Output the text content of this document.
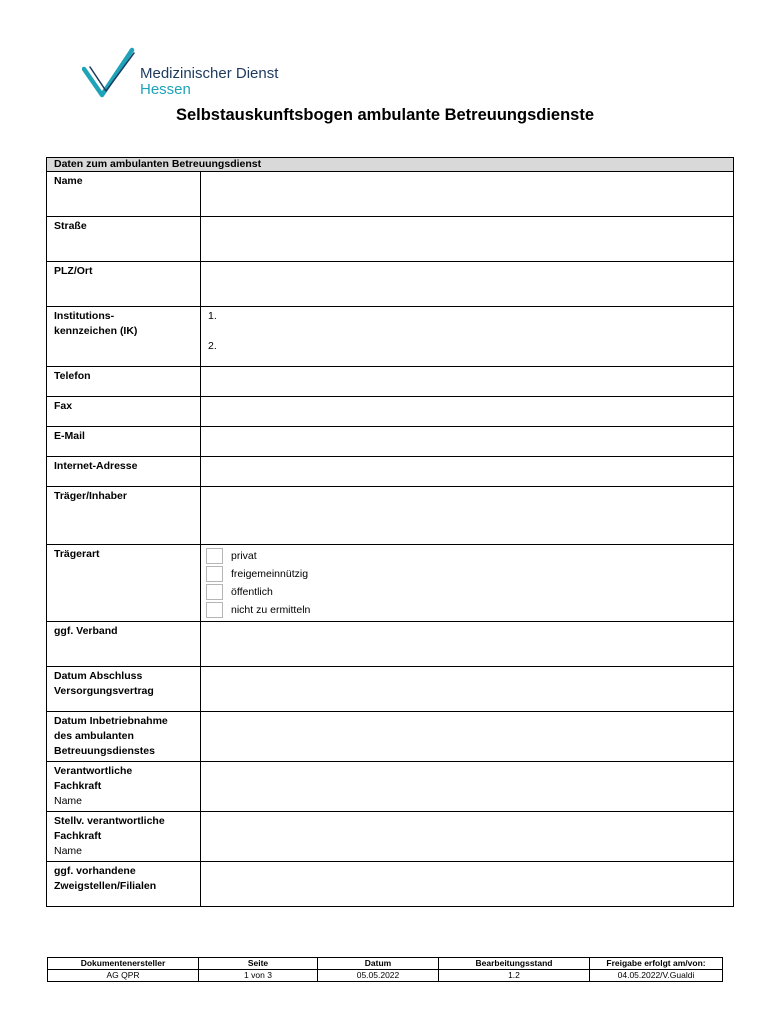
Medizinischer Dienst
Hessen
Selbstauskunftsbogen ambulante Betreuungsdienste
Daten zum ambulanten Betreuungsdienst	
Name	
Straße	
PLZ/Ort	

Institutions-
kennzeichen (IK)	1.
2.

Telefon	
Fax	
E-Mail	
Internet-Adresse	
Träger/Inhaber	
Trägerart	privat
freigemeinnützig
öffentlich
nicht zu ermitteln

ggf. Verband	

Datum Abschluss
Versorgungsvertrag	

Datum Inbetriebnahme
des ambulanten
Betreuungsdienstes	

Verantwortliche
Fachkraft
Name	

Stellv. verantwortliche
Fachkraft
Name	

ggf. vorhandene
Zweigstellen/Filialen	

Dokumentenersteller	Seite	Datum	Bearbeitungsstand	Freigabe erfolgt am/von:
AG QPR	1 von 3	05.05.2022	1.2	04.05.2022/V.Gualdi
